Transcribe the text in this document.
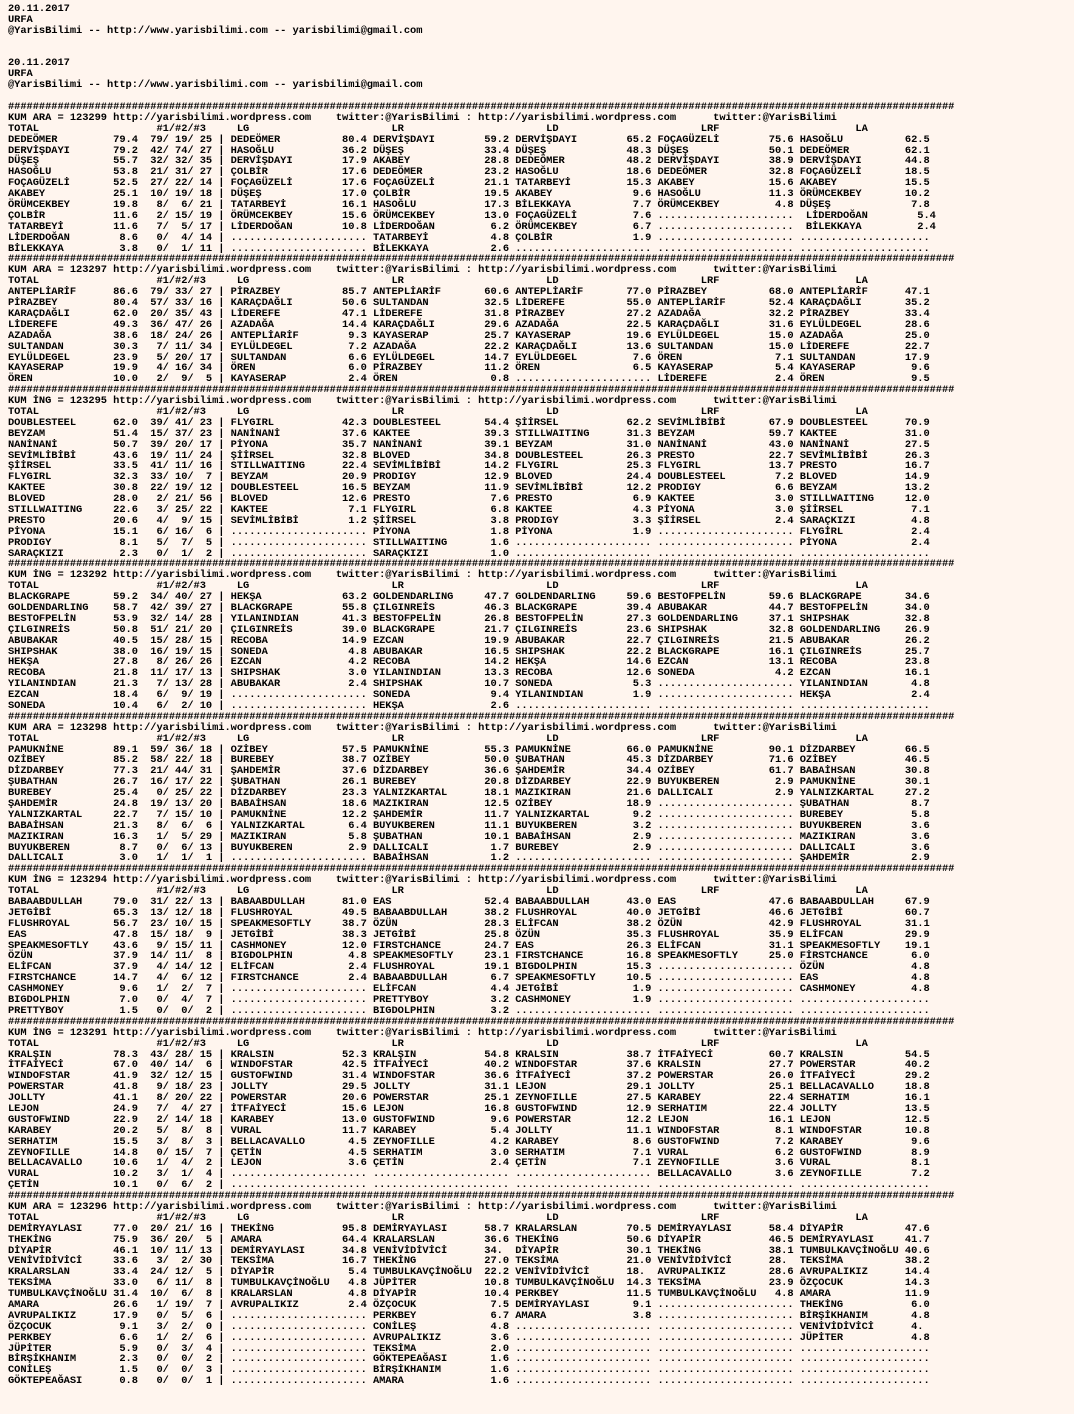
20.11.2017
URFA
@YarisBilimi -- http://www.yarisbilimi.com -- yarisbilimi@gmail.com
20.11.2017
URFA
@YarisBilimi -- http://www.yarisbilimi.com -- yarisbilimi@gmail.com
#########################################################################################################################################################
KUM ARA = 123299 http://yarisbilimi.wordpress.com    twitter:@YarisBilimi : http://yarisbilimi.wordpress.com      twitter:@YarisBilimi
TOTAL                   #1/#2/#3     LG                       LR                       LD                       LRF                      LA
DEDEÖMER         79.4  79/ 19/ 25 | DEDEÖMER          80.4 DERVİŞDAYI        59.2 DERVİŞDAYI        65.2 FOÇAGÜZELİ        75.6 HASOĞLU          62.5
DERVİŞDAYI       79.2  42/ 74/ 27 | HASOĞLU           36.2 DÜŞEŞ             33.4 DÜŞEŞ             48.3 DÜŞEŞ             50.1 DEDEÖMER         62.1
DÜŞEŞ            55.7  32/ 32/ 35 | DERVİŞDAYI        17.9 AKABEY            28.8 DEDEÖMER          48.2 DERVİŞDAYI        38.9 DERVİŞDAYI       44.8
HASOĞLU          53.8  21/ 31/ 27 | ÇOLBİR            17.6 DEDEÖMER          23.2 HASOĞLU           18.6 DEDEÖMER          32.8 FOÇAGÜZELİ       18.5
FOÇAGÜZELİ       52.5  27/ 22/ 14 | FOÇAGÜZELİ        17.6 FOÇAGÜZELİ        21.1 TATARBEYİ         15.3 AKABEY            15.6 AKABEY           15.5
AKABEY           25.1  10/ 19/ 18 | DÜŞEŞ             17.0 ÇOLBİR            19.5 AKABEY             9.6 HASOĞLU           11.3 ÖRÜMCEKBEY       10.2
ÖRÜMCEKBEY       19.8   8/  6/ 21 | TATARBEYİ         16.1 HASOĞLU           17.3 BİLEKKAYA          7.7 ÖRÜMCEKBEY         4.8 DÜŞEŞ             7.8
ÇOLBİR           11.6   2/ 15/ 19 | ÖRÜMCEKBEY        15.6 ÖRÜMCEKBEY        13.0 FOÇAGÜZELİ         7.6 ......................  LİDERDOĞAN        5.4
TATARBEYİ        11.6   7/  5/ 17 | LİDERDOĞAN        10.8 LİDERDOĞAN         6.2 ÖRÜMCEKBEY         6.7 ......................  BİLEKKAYA         2.4
LİDERDOĞAN        8.6   0/  4/ 14 | ...................... TATARBEYİ          4.8 ÇOLBİR             1.9 ...................... .....................
BİLEKKAYA         3.8   0/  1/ 11 | ...................... BİLEKKAYA          2.6 ...................... ...................... .....................
#########################################################################################################################################################
KUM ARA = 123297 http://yarisbilimi.wordpress.com    twitter:@YarisBilimi : http://yarisbilimi.wordpress.com      twitter:@YarisBilimi
TOTAL                   #1/#2/#3     LG                       LR                       LD                       LRF                      LA
ANTEPLİARİF      86.6  79/ 33/ 27 | PİRAZBEY          85.7 ANTEPLİARİF       60.6 ANTEPLİARİF       77.0 PİRAZBEY          68.0 ANTEPLİARİF      47.1
PİRAZBEY         80.4  57/ 33/ 16 | KARAÇDAĞLI        50.6 SULTANDAN         32.5 LİDEREFE          55.0 ANTEPLİARİF       52.4 KARAÇDAĞLI       35.2
KARAÇDAĞLI       62.0  20/ 35/ 43 | LİDEREFE          47.1 LİDEREFE          31.8 PİRAZBEY          27.2 AZADAĞA           32.2 PİRAZBEY         33.4
LİDEREFE         49.3  36/ 47/ 26 | AZADAĞA           14.4 KARAÇDAĞLI        29.6 AZADAĞA           22.5 KARAÇDAĞLI        31.6 EYLÜLDEGEL       28.6
AZADAĞA          38.6  18/ 24/ 26 | ANTEPLİARİF        9.3 KAYASERAP         25.7 KAYASERAP         19.6 EYLÜLDEGEL        15.0 AZADAĞA          25.0
SULTANDAN        30.3   7/ 11/ 34 | EYLÜLDEGEL         7.2 AZADAĞA           22.2 KARAÇDAĞLI        13.6 SULTANDAN         15.0 LİDEREFE         22.7
EYLÜLDEGEL       23.9   5/ 20/ 17 | SULTANDAN          6.6 EYLÜLDEGEL        14.7 EYLÜLDEGEL         7.6 ÖREN               7.1 SULTANDAN        17.9
KAYASERAP        19.9   4/ 16/ 34 | ÖREN               6.0 PİRAZBEY          11.2 ÖREN               6.5 KAYASERAP          5.4 KAYASERAP         9.6
ÖREN             10.0   2/  9/  5 | KAYASERAP          2.4 ÖREN               0.8 ...................... LİDEREFE           2.4 ÖREN              9.5
#########################################################################################################################################################
KUM İNG = 123295 http://yarisbilimi.wordpress.com    twitter:@YarisBilimi : http://yarisbilimi.wordpress.com      twitter:@YarisBilimi
TOTAL                   #1/#2/#3     LG                       LR                       LD                       LRF                      LA
DOUBLESTEEL      62.0  39/ 41/ 23 | FLYGIRL           42.3 DOUBLESTEEL       54.4 ŞİİRSEL           62.2 SEVİMLİBİBİ       67.9 DOUBLESTEEL      70.9
BEYZAM           51.4  15/ 37/ 23 | NANİNANİ          37.6 KAKTEE            39.3 STILLWAITING      31.3 BEYZAM            59.7 KAKTEE           31.0
NANİNANİ         50.7  39/ 20/ 17 | PİYONA            35.7 NANİNANİ          39.1 BEYZAM            31.0 NANİNANİ          43.0 NANİNANİ         27.5
SEVİMLİBİBİ      43.6  19/ 11/ 24 | ŞİİRSEL           32.8 BLOVED            34.8 DOUBLESTEEL       26.3 PRESTO            22.7 SEVİMLİBİBİ      26.3
ŞİİRSEL          33.5  41/ 11/ 16 | STILLWAITING      22.4 SEVİMLİBİBİ       14.2 FLYGIRL           25.3 FLYGIRL           13.7 PRESTO           16.7
FLYGIRL          32.3  33/ 10/  7 | BEYZAM            20.9 PRODIGY           12.9 BLOVED            24.4 DOUBLESTEEL        7.2 BLOVED           14.9
KAKTEE           30.8  22/ 19/ 12 | DOUBLESTEEL       16.5 BEYZAM            11.9 SEVİMLİBİBİ       12.2 PRODIGY            6.6 BEYZAM           13.2
BLOVED           28.0   2/ 21/ 56 | BLOVED            12.6 PRESTO             7.6 PRESTO             6.9 KAKTEE             3.0 STILLWAITING     12.0
STILLWAITING     22.6   3/ 25/ 22 | KAKTEE             7.1 FLYGIRL            6.8 KAKTEE             4.3 PİYONA             3.0 ŞİİRSEL           7.1
PRESTO           20.6   4/  9/ 15 | SEVİMLİBİBİ        1.2 ŞİİRSEL            3.8 PRODIGY            3.3 ŞİİRSEL            2.4 SARAÇKIZI         4.8
PİYONA           15.1   6/ 16/  6 | ...................... PİYONA             1.8 PİYONA             1.9 ...................... FLYGİRL           2.4
PRODIGY           8.1   5/  7/  5 | ...................... STILLWAITING       1.6 ...................... ...................... PİYONA            2.4
SARAÇKIZI         2.3   0/  1/  2 | ...................... SARAÇKIZI          1.0 ...................... ...................... .....................
#########################################################################################################################################################
KUM İNG = 123292 http://yarisbilimi.wordpress.com    twitter:@YarisBilimi : http://yarisbilimi.wordpress.com      twitter:@YarisBilimi
TOTAL                   #1/#2/#3     LG                       LR                       LD                       LRF                      LA
BLACKGRAPE       59.2  34/ 40/ 27 | HEKŞA             63.2 GOLDENDARLING     47.7 GOLDENDARLING     59.6 BESTOFPELİN       59.6 BLACKGRAPE       34.6
GOLDENDARLING    58.7  42/ 39/ 27 | BLACKGRAPE        55.8 ÇILGINREİS        46.3 BLACKGRAPE        39.4 ABUBAKAR          44.7 BESTOFPELİN      34.0
BESTOFPELİN      53.9  32/ 14/ 28 | YILANINDIAN       41.3 BESTOFPELİN       26.8 BESTOFPELİN       27.3 GOLDENDARLING     37.1 SHIPSHAK         32.8
ÇILGINREİS       50.8  51/ 21/ 20 | ÇILGINREİS        39.0 BLACKGRAPE        21.7 ÇILGINREİS        23.6 SHIPSHAK          32.8 GOLDENDARLING    26.9
ABUBAKAR         40.5  15/ 28/ 15 | RECOBA            14.9 EZCAN             19.9 ABUBAKAR          22.7 ÇILGINREİS        21.5 ABUBAKAR         26.2
SHIPSHAK         38.0  16/ 19/ 15 | SONEDA             4.8 ABUBAKAR          16.5 SHIPSHAK          22.2 BLACKGRAPE        16.1 ÇILGINREİS       25.7
HEKŞA            27.8   8/ 26/ 26 | EZCAN              4.2 RECOBA            14.2 HEKŞA             14.6 EZCAN             13.1 RECOBA           23.8
RECOBA           21.8  11/ 17/ 13 | SHIPSHAK           3.0 YILANINDIAN       13.3 RECOBA            12.6 SONEDA             4.2 EZCAN            16.1
YILANINDIAN      21.3   7/ 13/ 28 | ABUBAKAR           2.4 SHIPSHAK          10.7 SONEDA             5.3 ...................... YILANINDIAN       4.8
EZCAN            18.4   6/  9/ 19 | ...................... SONEDA             9.4 YILANINDIAN        1.9 ...................... HEKŞA             2.4
SONEDA           10.4   6/  2/ 10 | ...................... HEKŞA              2.6 ...................... ...................... .....................
#########################################################################################################################################################
KUM ARA = 123298 http://yarisbilimi.wordpress.com    twitter:@YarisBilimi : http://yarisbilimi.wordpress.com      twitter:@YarisBilimi
TOTAL                   #1/#2/#3     LG                       LR                       LD                       LRF                      LA
PAMUKNİNE        89.1  59/ 36/ 18 | OZİBEY            57.5 PAMUKNİNE         55.3 PAMUKNİNE         66.0 PAMUKNİNE         90.1 DİZDARBEY        66.5
OZİBEY           85.2  58/ 22/ 18 | BUREBEY           38.7 OZİBEY            50.0 ŞUBATHAN          45.3 DİZDARBEY         71.6 OZİBEY           46.5
DİZDARBEY        77.3  21/ 44/ 31 | ŞAHDEMİR          37.6 DİZDARBEY         36.6 ŞAHDEMİR          34.4 OZİBEY            61.7 BABAİHSAN        30.8
ŞUBATHAN         26.7  16/ 17/ 22 | ŞUBATHAN          26.1 BUREBEY           20.8 DİZDARBEY         22.9 BUYUKBEREN         2.9 PAMUKNİNE        30.1
BUREBEY          25.4   0/ 25/ 22 | DİZDARBEY         23.3 YALNIZKARTAL      18.1 MAZIKIRAN         21.6 DALLICALI          2.9 YALNIZKARTAL     27.2
ŞAHDEMİR         24.8  19/ 13/ 20 | BABAİHSAN         18.6 MAZIKIRAN         12.5 OZİBEY            18.9 ...................... ŞUBATHAN          8.7
YALNIZKARTAL     22.7   7/ 15/ 10 | PAMUKNİNE         12.2 ŞAHDEMİR          11.7 YALNIZKARTAL       9.2 ...................... BUREBEY           5.8
BABAİHSAN        21.3   8/  6/  6 | YALNIZKARTAL       6.4 BUYUKBEREN        11.1 BUYUKBEREN         3.2 ...................... BUYUKBEREN        3.6
MAZIKIRAN        16.3   1/  5/ 29 | MAZIKIRAN          5.8 ŞUBATHAN          10.1 BABAİHSAN          2.9 ...................... MAZIKIRAN         3.6
BUYUKBEREN        8.7   0/  6/ 13 | BUYUKBEREN         2.9 DALLICALI          1.7 BUREBEY            2.9 ...................... DALLICALI         3.6
DALLICALI         3.0   1/  1/  1 | ...................... BABAİHSAN          1.2 ...................... ...................... ŞAHDEMİR          2.9
#########################################################################################################################################################
KUM İNG = 123294 http://yarisbilimi.wordpress.com    twitter:@YarisBilimi : http://yarisbilimi.wordpress.com      twitter:@YarisBilimi
TOTAL                   #1/#2/#3     LG                       LR                       LD                       LRF                      LA
BABAABDULLAH     79.0  31/ 22/ 13 | BABAABDULLAH      81.0 EAS               52.4 BABAABDULLAH      43.0 EAS               47.6 BABAABDULLAH     67.9
JETGİBİ          65.3  13/ 12/ 18 | FLUSHROYAL        49.5 BABAABDULLAH      38.2 FLUSHROYAL        40.0 JETGİBİ           46.6 JETGİBİ          60.7
FLUSHROYAL       56.7  23/ 10/ 15 | SPEAKMESOFTLY     38.7 ÖZÜN              28.3 ELİFCAN           38.2 ÖZÜN              42.9 FLUSHROYAL       31.1
EAS              47.8  15/ 18/  9 | JETGİBİ           38.3 JETGİBİ           25.8 ÖZÜN              35.3 FLUSHROYAL        35.9 ELİFCAN          29.9
SPEAKMESOFTLY    43.6   9/ 15/ 11 | CASHMONEY         12.0 FIRSTCHANCE       24.7 EAS               26.3 ELİFCAN           31.1 SPEAKMESOFTLY    19.1
ÖZÜN             37.9  14/ 11/  8 | BIGDOLPHIN         4.8 SPEAKMESOFTLY     23.1 FIRSTCHANCE       16.8 SPEAKMESOFTLY     25.0 FİRSTCHANCE       6.0
ELİFCAN          37.9   4/ 14/ 12 | ELİFCAN            2.4 FLUSHROYAL        19.1 BIGDOLPHIN        15.3 ...................... ÖZÜN              4.8
FIRSTCHANCE      14.7   4/  6/ 12 | FIRSTCHANCE        2.4 BABAABDULLAH       6.7 SPEAKMESOFTLY     10.5 ...................... EAS               4.8
CASHMONEY         9.6   1/  2/  7 | ...................... ELİFCAN            4.4 JETGİBİ            1.9 ...................... CASHMONEY         4.8
BIGDOLPHIN        7.0   0/  4/  7 | ...................... PRETTYBOY          3.2 CASHMONEY          1.9 ...................... .....................
PRETTYBOY         1.5   0/  0/  2 | ...................... BIGDOLPHIN         3.2 ...................... ...................... .....................
#########################################################################################################################################################
KUM İNG = 123291 http://yarisbilimi.wordpress.com    twitter:@YarisBilimi : http://yarisbilimi.wordpress.com      twitter:@YarisBilimi
TOTAL                   #1/#2/#3     LG                       LR                       LD                       LRF                      LA
KRALŞIN          78.3  43/ 28/ 15 | KRALSIN           52.3 KRALŞIN           54.8 KRALSIN           38.7 İTFAİYECİ         60.7 KRALSIN          54.5
İTFAİYECİ        67.0  40/ 14/  6 | WINDOFSTAR        42.5 İTFAİYECİ         40.2 WINDOFSTAR        37.6 KRALSIN           27.7 POWERSTAR        40.2
WINDOFSTAR       41.9  32/ 12/ 15 | GUSTOFWIND        31.4 WINDOFSTAR        36.6 İTFAİYECİ         37.2 POWERSTAR         26.0 İTFAİYECİ        29.2
POWERSTAR        41.8   9/ 18/ 23 | JOLLTY            29.5 JOLLTY            31.1 LEJON             29.1 JOLLTY            25.1 BELLACAVALLO     18.8
JOLLTY           41.1   8/ 20/ 22 | POWERSTAR         20.6 POWERSTAR         25.1 ZEYNOFILLE        27.5 KARABEY           22.4 SERHATIM         16.1
LEJON            24.9   7/  4/ 27 | İTFAİYECİ         15.6 LEJON             16.8 GUSTOFWIND        12.9 SERHATIM          22.4 JOLLTY           13.5
GUSTOFWIND       22.9   2/ 14/ 18 | KARABEY           13.0 GUSTOFWIND         9.6 POWERSTAR         12.2 LEJON             16.1 LEJON            12.5
KARABEY          20.2   5/  8/  8 | VURAL             11.7 KARABEY            5.4 JOLLTY            11.1 WINDOFSTAR         8.1 WINDOFSTAR       10.8
SERHATIM         15.5   3/  8/  3 | BELLACAVALLO       4.5 ZEYNOFILLE         4.2 KARABEY            8.6 GUSTOFWIND         7.2 KARABEY           9.6
ZEYNOFILLE       14.8   0/ 15/  7 | ÇETİN              4.5 SERHATIM           3.0 SERHATIM           7.1 VURAL              6.2 GUSTOFWIND        8.9
BELLACAVALLO     10.6   1/  4/  2 | LEJON              3.6 ÇETİN              2.4 ÇETİN              7.1 ZEYNOFILLE         3.6 VURAL             8.1
VURAL            10.2   3/  1/  4 | ...................... ...................... ...................... BELLACAVALLO       3.6 ZEYNOFILLE        7.2
ÇETİN            10.1   0/  6/  2 | ...................... ...................... ...................... ...................... .....................
#########################################################################################################################################################
KUM ARA = 123296 http://yarisbilimi.wordpress.com    twitter:@YarisBilimi : http://yarisbilimi.wordpress.com      twitter:@YarisBilimi
TOTAL                   #1/#2/#3     LG                       LR                       LD                       LRF                      LA
DEMİRYAYLASI     77.0  20/ 21/ 16 | THEKİNG           95.8 DEMİRYAYLASI      58.7 KRALARSLAN        70.5 DEMİRYAYLASI      58.4 DİYAPİR          47.6
THEKİNG          75.9  36/ 20/  5 | AMARA             64.4 KRALARSLAN        36.6 THEKİNG           50.6 DİYAPİR           46.5 DEMİRYAYLASI     41.7
DİYAPİR          46.1  10/ 11/ 13 | DEMİRYAYLASI      34.8 VENİVİDİVİCİ      34.  DİYAPİR           30.1 THEKİNG           38.1 TUMBULKAVÇİNOĞLU 40.6
VENİVİDİVİCİ     33.6   3/  2/ 30 | TEKSİMA           16.7 THEKİNG           27.0 TEKSİMA           21.0 VENİVİDİVİCİ      28.  TEKSİMA          38.2
KRALARSLAN       33.4  24/ 12/  5 | DİYAPİR            5.4 TUMBULKAVÇİNOĞLU  22.2 VENİVİDİVİCİ      18.  AVRUPALIKIZ       28.6 AVRUPALIKIZ      14.4
TEKSİMA          33.0   6/ 11/  8 | TUMBULKAVÇİNOĞLU   4.8 JÜPİTER           10.8 TUMBULKAVÇİNOĞLU  14.3 TEKSİMA           23.9 ÖZÇOCUK          14.3
TUMBULKAVÇİNOĞLU 31.4  10/  6/  8 | KRALARSLAN         4.8 DİYAPİR           10.4 PERKBEY           11.5 TUMBULKAVÇİNOĞLU   4.8 AMARA            11.9
AMARA            26.6   1/ 19/  7 | AVRUPALIKIZ        2.4 ÖZÇOCUK            7.5 DEMİRYAYLASI       9.1 ...................... THEKİNG           6.0
AVRUPALIKIZ      17.9   0/  5/  6 | ...................... PERKBEY            6.7 AMARA              3.8 ...................... BİRŞİKHANIM       4.8
ÖZÇOCUK           9.1   3/  2/  0 | ...................... CONİLEŞ            4.8 ...................... ...................... VENİVİDİVİCİ      4.
PERKBEY           6.6   1/  2/  6 | ...................... AVRUPALIKIZ        3.6 ...................... ...................... JÜPİTER           4.8
JÜPİTER           5.9   0/  3/  4 | ...................... TEKSİMA            2.0 ...................... ...................... .....................
BİRŞİKHANIM       2.3   0/  0/  2 | ...................... GÖKTEPEAĞASI       1.6 ...................... ...................... .....................
CONİLEŞ           1.5   0/  0/  3 | ...................... BİRŞİKHANIM        1.6 ...................... ...................... .....................
GÖKTEPEAĞASI      0.8   0/  0/  1 | ...................... AMARA              1.6 ...................... ...................... .....................
